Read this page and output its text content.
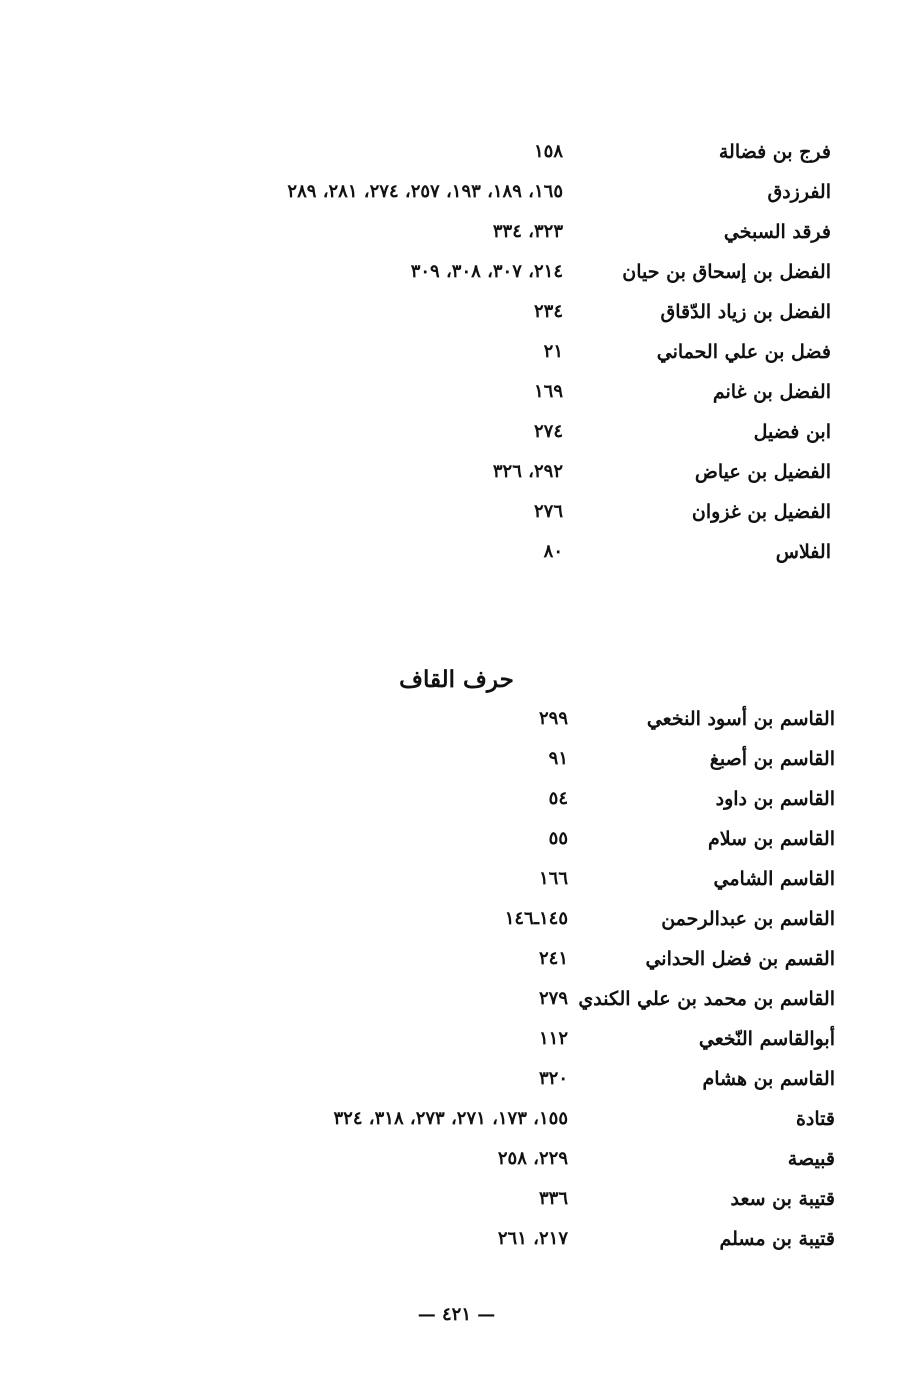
فرج بن فضالة
١٥٨
الفرزدق
١٦٥، ١٨٩، ١٩٣، ٢٥٧، ٢٧٤، ٢٨١، ٢٨٩
فرقد السبخي
٣٢٣، ٣٣٤
الفضل بن إسحاق بن حيان
٢١٤، ٣٠٧، ٣٠٨، ٣٠٩
الفضل بن زياد الدّقاق
٢٣٤
فضل بن علي الحماني
٢١
الفضل بن غانم
١٦٩
ابن فضيل
٢٧٤
الفضيل بن عياض
٢٩٢، ٣٢٦
الفضيل بن غزوان
٢٧٦
الفلاس
٨٠
حرف القاف
القاسم بن أسود النخعي
٢٩٩
القاسم بن أصبغ
٩١
القاسم بن داود
٥٤
القاسم بن سلام
٥٥
القاسم الشامي
١٦٦
القاسم بن عبدالرحمن
١٤٥ـ١٤٦
القسم بن فضل الحداني
٢٤١
القاسم بن محمد بن علي الكندي
٢٧٩
أبوالقاسم النّخعي
١١٢
القاسم بن هشام
٣٢٠
قتادة
١٥٥، ١٧٣، ٢٧١، ٢٧٣، ٣١٨، ٣٢٤
قبيصة
٢٢٩، ٢٥٨
قتيبة بن سعد
٣٣٦
قتيبة بن مسلم
٢١٧، ٢٦١
— ٤٢١ —
